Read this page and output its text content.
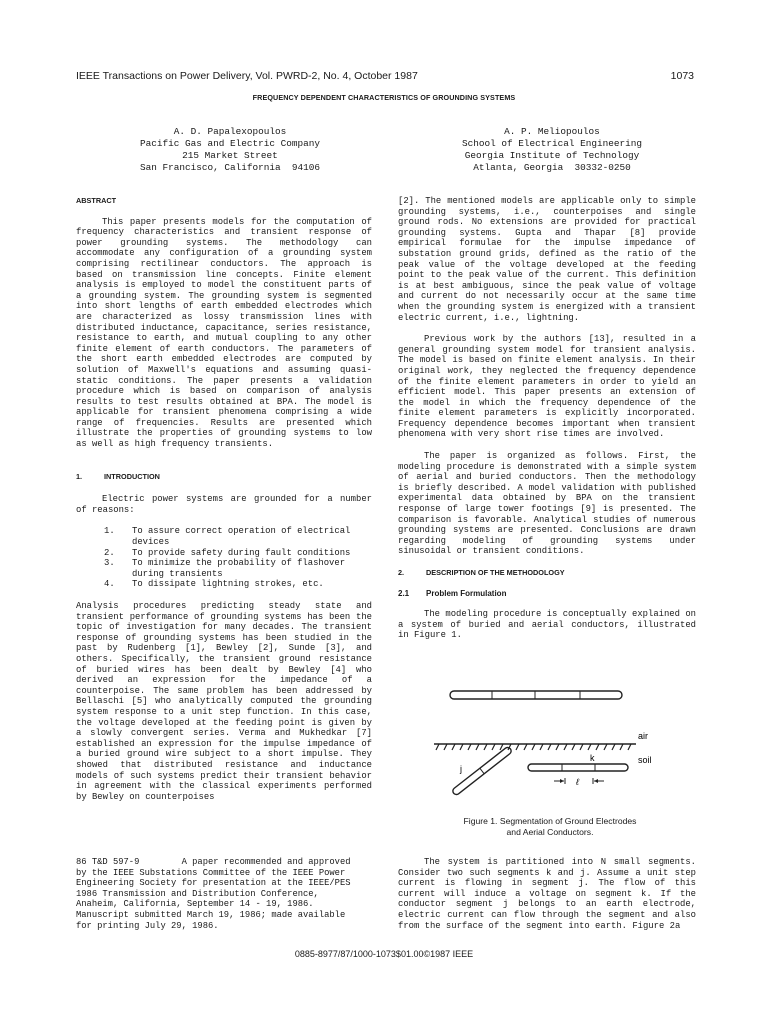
IEEE Transactions on Power Delivery, Vol. PWRD-2, No. 4, October 1987	1073
FREQUENCY DEPENDENT CHARACTERISTICS OF GROUNDING SYSTEMS
A. D. Papalexopoulos
Pacific Gas and Electric Company
215 Market Street
San Francisco, California  94106
A. P. Meliopoulos
School of Electrical Engineering
Georgia Institute of Technology
Atlanta, Georgia  30332-0250
ABSTRACT

This paper presents models for the computation of frequency characteristics and transient response of power grounding systems. The methodology can accommodate any configuration of a grounding system comprising rectilinear conductors. The approach is based on transmission line concepts. Finite element analysis is employed to model the constituent parts of a grounding system. The grounding system is segmented into short lengths of earth embedded electrodes which are characterized as lossy transmission lines with distributed inductance, capacitance, series resistance, resistance to earth, and mutual coupling to any other finite element of earth conductors. The parameters of the short earth embedded electrodes are computed by solution of Maxwell's equations and assuming quasi-static conditions. The paper presents a validation procedure which is based on comparison of analysis results to test results obtained at BPA. The model is applicable for transient phenomena comprising a wide range of frequencies. Results are presented which illustrate the properties of grounding systems to low as well as high frequency transients.

1.	INTRODUCTION

Electric power systems are grounded for a number of reasons:

1.	To assure correct operation of electrical devices
2.	To provide safety during fault conditions
3.	To minimize the probability of flashover during transients
4.	To dissipate lightning strokes, etc.

Analysis procedures predicting steady state and transient performance of grounding systems has been the topic of investigation for many decades. The transient response of grounding systems has been studied in the past by Rudenberg [1], Bewley [2], Sunde [3], and others. Specifically, the transient ground resistance of buried wires has been dealt by Bewley [4] who derived an expression for the impedance of a counterpoise. The same problem has been addressed by Bellaschi [5] who analytically computed the grounding system response to a unit step function. In this case, the voltage developed at the feeding point is given by a slowly convergent series. Verma and Mukhedkar [7] established an expression for the impulse impedance of a buried ground wire subject to a short impulse. They showed that distributed resistance and inductance models of such systems predict their transient behavior in agreement with the classical experiments performed by Bewley on counterpoises

[2]. The mentioned models are applicable only to simple grounding systems, i.e., counterpoises and single ground rods. No extensions are provided for practical grounding systems. Gupta and Thapar [8] provide empirical formulae for the impulse impedance of substation ground grids, defined as the ratio of the peak value of the voltage developed at the feeding point to the peak value of the current. This definition is at best ambiguous, since the peak value of voltage and current do not necessarily occur at the same time when the grounding system is energized with a transient electric current, i.e., lightning.

Previous work by the authors [13], resulted in a general grounding system model for transient analysis. The model is based on finite element analysis. In their original work, they neglected the frequency dependence of the finite element parameters in order to yield an efficient model. This paper presents an extension of the model in which the frequency dependence of the finite element parameters is explicitly incorporated. Frequency dependence becomes important when transient phenomena with very short rise times are involved.

The paper is organized as follows. First, the modeling procedure is demonstrated with a simple system of aerial and buried conductors. Then the methodology is briefly described. A model validation with published experimental data obtained by BPA on the transient response of large tower footings [9] is presented. The comparison is favorable. Analytical studies of numerous grounding systems are presented. Conclusions are drawn regarding modeling of grounding systems under sinusoidal or transient conditions.

2.	DESCRIPTION OF THE METHODOLOGY
2.1 Problem Formulation

The modeling procedure is conceptually explained on a system of buried and aerial conductors, illustrated in Figure 1.

air
soil
k
j
ℓ
Figure 1. Segmentation of Ground Electrodes
and Aerial Conductors.

The system is partitioned into N small segments. Consider two such segments k and j. Assume a unit step current is flowing in segment j. The flow of this current will induce a voltage on segment k. If the conductor segment j belongs to an earth electrode, electric current can flow through the segment and also from the surface of the segment into earth. Figure 2a

86 T&D 597-9        A paper recommended and approved

by the IEEE Substations Committee of the IEEE Power

Engineering Society for presentation at the IEEE/PES

1986 Transmission and Distribution Conference,

Anaheim, California, September 14 - 19, 1986.

Manuscript submitted March 19, 1986; made available

for printing July 29, 1986.

0885-8977/87/1000-1073$01.00©1987 IEEE
